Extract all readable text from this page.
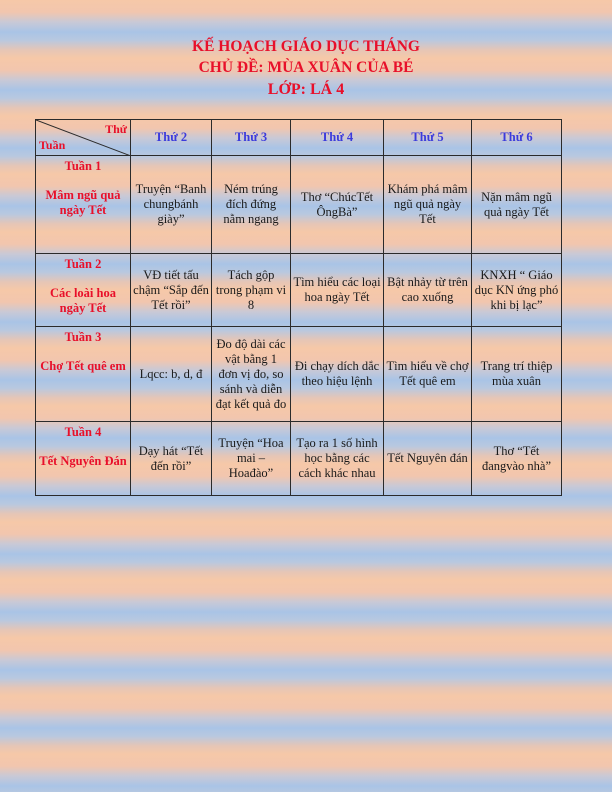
KẾ HOẠCH GIÁO DỤC THÁNG
CHỦ ĐỀ: MÙA XUÂN CỦA BÉ
LỚP: LÁ 4
Thứ
Tuần	Thứ 2	Thứ 3	Thứ 4	Thứ 5	Thứ 6

Tuần 1
Mâm ngũ quả ngày Tết	Truyện “Banh chungbánh giày”	Ném trúng đích đứng nằm ngang	Thơ “ChúcTết ÔngBà”	Khám phá mâm ngũ quả ngày Tết	Nặn mâm ngũ quả ngày Tết

Tuần 2
Các loài hoa ngày Tết	VĐ tiết tấu chậm “Sắp đến Tết rồi”	Tách gộp trong phạm vi 8	Tìm hiểu các loại hoa ngày Tết	Bật nhảy từ trên cao xuống	KNXH “ Giáo dục KN ứng phó khi bị lạc”

Tuần 3
Chợ Tết quê em	Lqcc: b, d, đ	Đo độ dài các vật bằng 1 đơn vị đo, so sánh và diễn đạt kết quả đo	Đi chạy dích dắc theo hiệu lệnh	Tìm hiểu về chợ Tết quê em	Trang trí thiệp mùa xuân

Tuần 4
Tết Nguyên Đán	Dạy hát “Tết đến rồi”	Truyện “Hoa mai – Hoađào”	Tạo ra 1 số hình học bằng các cách khác nhau	Tết Nguyên đán	Thơ “Tết đangvào nhà”
